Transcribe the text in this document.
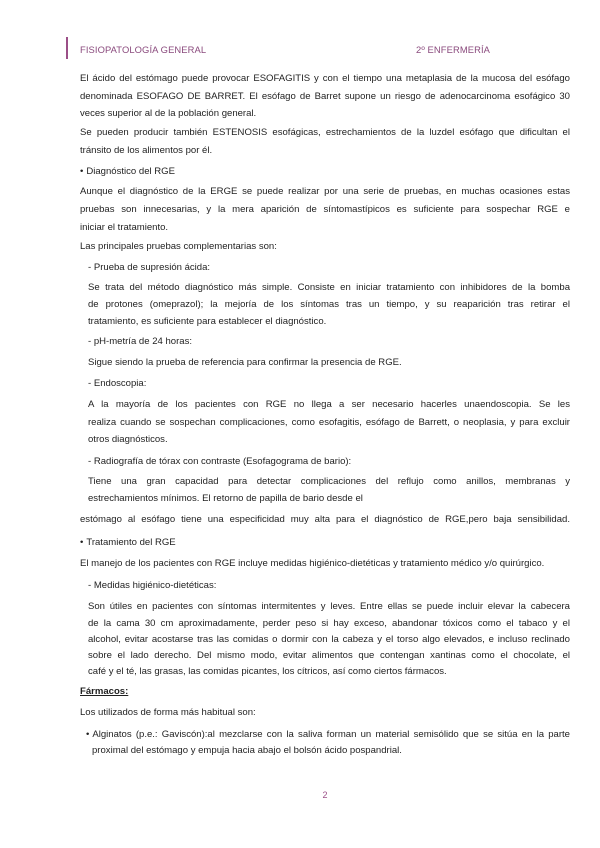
FISIOPATOLOGÍA GENERAL	2º ENFERMERÍA
El ácido del estómago puede provocar ESOFAGITIS y con el tiempo una metaplasia de la mucosa del esófago
denominada ESOFAGO DE BARRET. El esófago de Barret supone un riesgo de adenocarcinoma esofágico 30
veces superior al de la población general.
Se pueden producir también ESTENOSIS esofágicas, estrechamientos de la luzdel esófago que dificultan el
tránsito de los alimentos por él.
• Diagnóstico del RGE
Aunque el diagnóstico de la ERGE se puede realizar por una serie de pruebas, en muchas ocasiones estas
pruebas son innecesarias, y la mera aparición de síntomastípicos es suficiente para sospechar RGE e
iniciar el tratamiento.
Las principales pruebas complementarias son:
- Prueba de supresión ácida:
Se trata del método diagnóstico más simple. Consiste en iniciar tratamiento con inhibidores de la bomba
de protones (omeprazol); la mejoría de los síntomas tras un tiempo, y su reaparición tras retirar el
tratamiento, es suficiente para establecer el diagnóstico.
- pH-metría de 24 horas:
Sigue siendo la prueba de referencia para confirmar la presencia de RGE.
- Endoscopia:
A la mayoría de los pacientes con RGE no llega a ser necesario hacerles unaendoscopia. Se les
realiza cuando se sospechan complicaciones, como esofagitis, esófago de Barrett, o neoplasia, y para excluir
otros diagnósticos.
- Radiografía de tórax con contraste (Esofagograma de bario):
Tiene una gran capacidad para detectar complicaciones del reflujo como anillos, membranas y
estrechamientos mínimos. El retorno de papilla de bario desde el
estómago al esófago tiene una especificidad muy alta para el diagnóstico de RGE,pero baja sensibilidad.
• Tratamiento del RGE
El manejo de los pacientes con RGE incluye medidas higiénico-dietéticas y tratamiento médico y/o quirúrgico.
- Medidas higiénico-dietéticas:
Son útiles en pacientes con síntomas intermitentes y leves. Entre ellas se puede incluir elevar la cabecera
de la cama 30 cm aproximadamente, perder peso si hay exceso, abandonar tóxicos como el tabaco y el
alcohol, evitar acostarse tras las comidas o dormir con la cabeza y el torso algo elevados, e incluso reclinado
sobre el lado derecho. Del mismo modo, evitar alimentos que contengan xantinas como el chocolate, el
café y el té, las grasas, las comidas picantes, los cítricos, así como ciertos fármacos.
Fármacos:
Los utilizados de forma más habitual son:
• Alginatos (p.e.: Gaviscón):al mezclarse con la saliva forman un material semisólido que se sitúa en la parte
proximal del estómago y empuja hacia abajo el bolsón ácido pospandrial.
2
